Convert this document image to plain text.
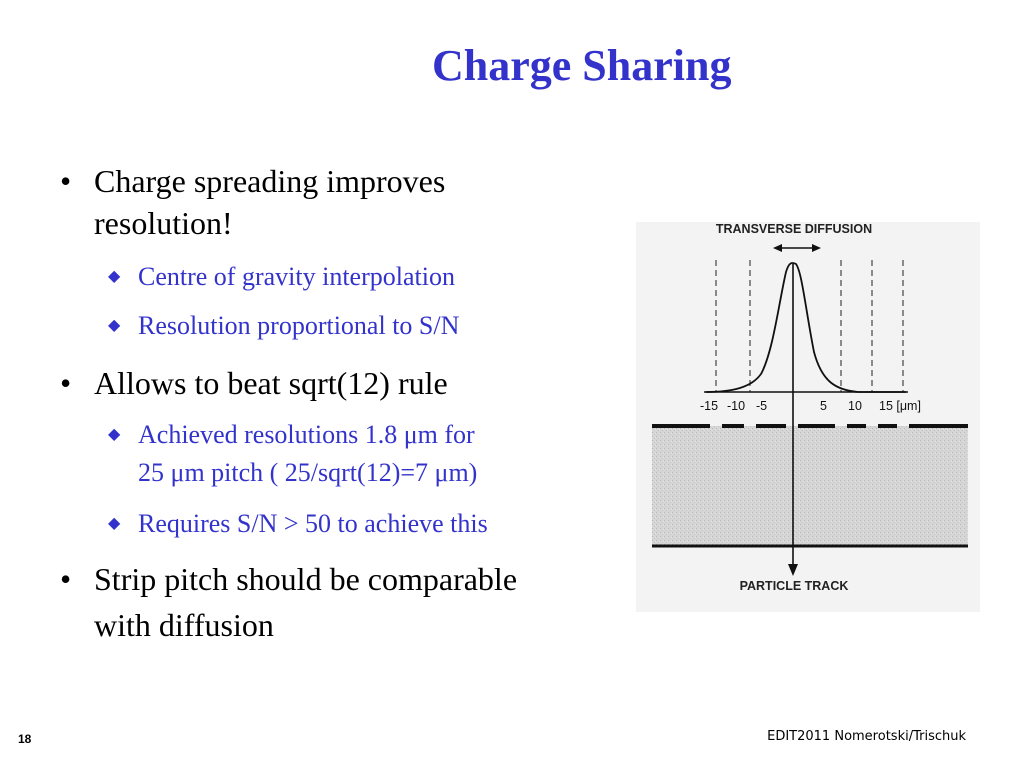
Charge Sharing
• Charge spreading improves
resolution!
◆ Centre of gravity interpolation
◆ Resolution proportional to S/N
• Allows to beat sqrt(12) rule
◆ Achieved resolutions 1.8 μm for
25 μm pitch ( 25/sqrt(12)=7 μm)
◆ Requires S/N > 50 to achieve this
• Strip pitch should be comparable
with diffusion
TRANSVERSE DIFFUSION
-15 -10 -5	5 10 15 [μm]
PARTICLE TRACK
18	EDIT2011 Nomerotski/Trischuk
